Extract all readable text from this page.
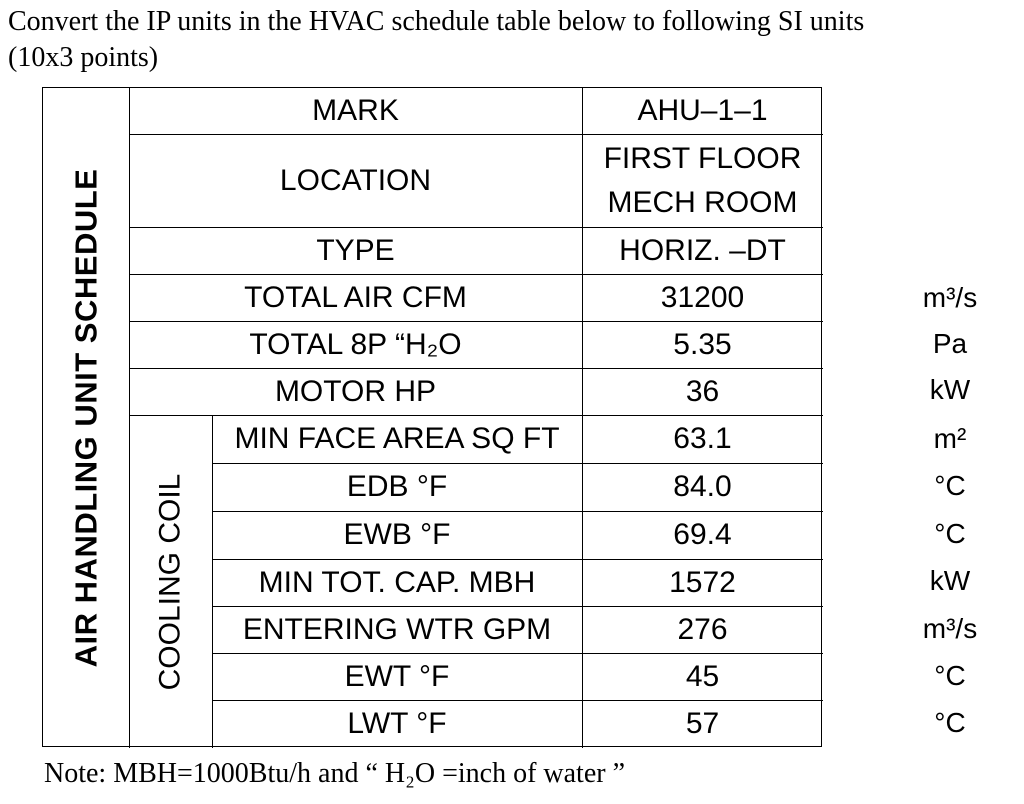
Convert the IP units in the HVAC schedule table below to following SI units
(10x3 points)
AIR HANDLING UNIT SCHEDULE COOLING COIL
MARK
LOCATION
TYPE
TOTAL AIR CFM
TOTAL 8P “H₂O
MOTOR HP
MIN FACE AREA SQ FT
EDB °F
EWB °F
MIN TOT. CAP. MBH
ENTERING WTR GPM
EWT °F
LWT °F
AHU–1–1
FIRST FLOOR
MECH ROOM
HORIZ. –DT
31200
5.35
36
63.1
84.0
69.4
1572
276
45
57
m³/s
Pa
kW
m²
°C
°C
kW
m³/s
°C
°C
Note: MBH=1000Btu/h and “ H₂O =inch of water ”
